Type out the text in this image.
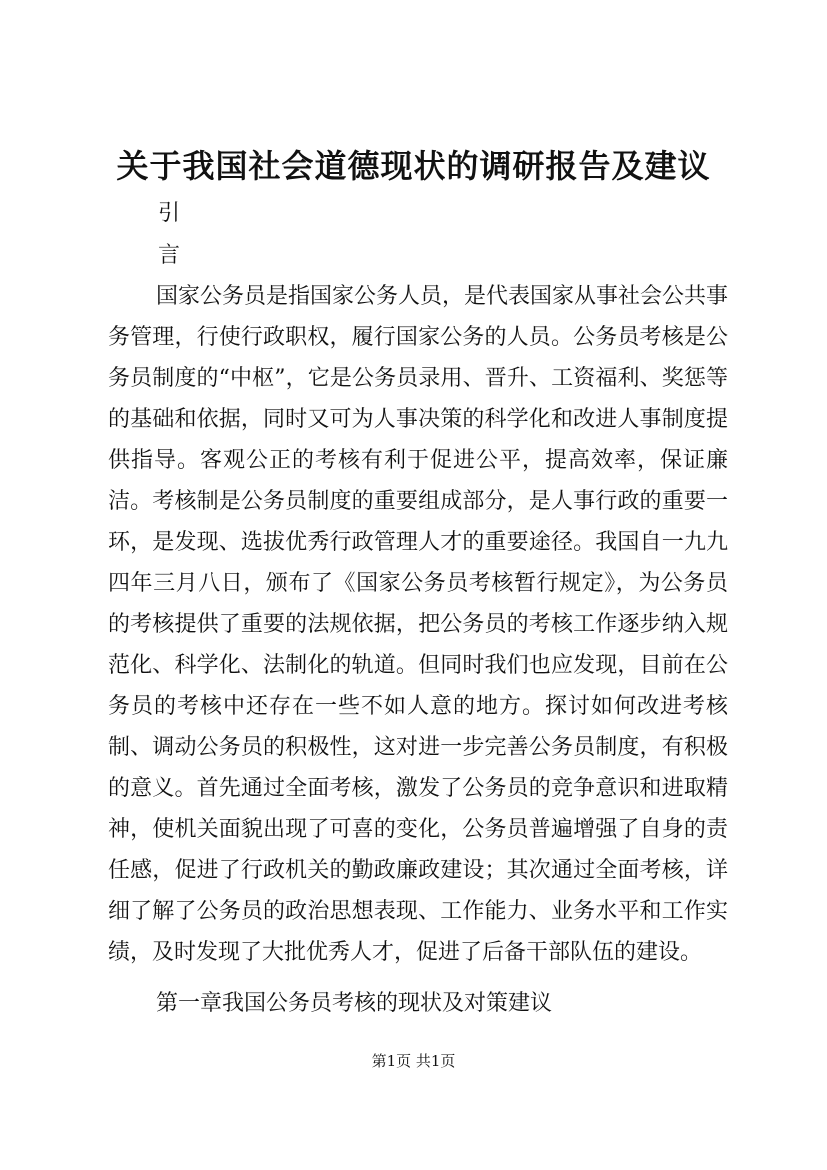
关于我国社会道德现状的调研报告及建议
引
言

国家公务员是指国家公务人员，是代表国家从事社会公共事务管理，行使行政职权，履行国家公务的人员。公务员考核是公务员制度的“中枢”，它是公务员录用、晋升、工资福利、奖惩等的基础和依据，同时又可为人事决策的科学化和改进人事制度提供指导。客观公正的考核有利于促进公平，提高效率，保证廉洁。考核制是公务员制度的重要组成部分，是人事行政的重要一环，是发现、选拔优秀行政管理人才的重要途径。我国自一九九四年三月八日，颁布了《国家公务员考核暂行规定》，为公务员的考核提供了重要的法规依据，把公务员的考核工作逐步纳入规范化、科学化、法制化的轨道。但同时我们也应发现，目前在公务员的考核中还存在一些不如人意的地方。探讨如何改进考核制、调动公务员的积极性，这对进一步完善公务员制度，有积极的意义。首先通过全面考核，激发了公务员的竞争意识和进取精神，使机关面貌出现了可喜的变化，公务员普遍增强了自身的责任感，促进了行政机关的勤政廉政建设；其次通过全面考核，详细了解了公务员的政治思想表现、工作能力、业务水平和工作实绩，及时发现了大批优秀人才，促进了后备干部队伍的建设。

第一章我国公务员考核的现状及对策建议
第1页 共1页
